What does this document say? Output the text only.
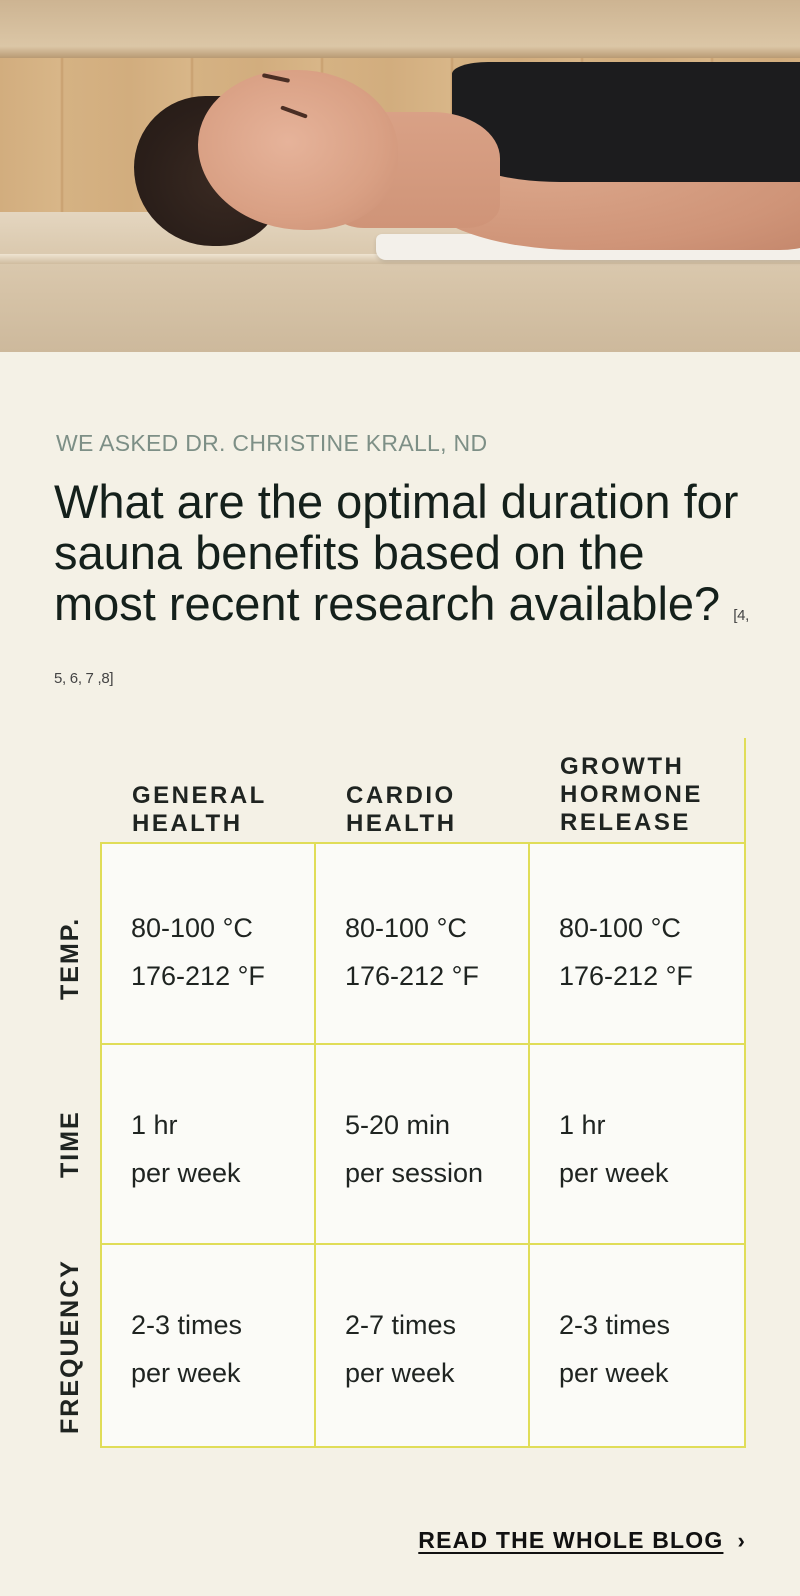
WE ASKED DR. CHRISTINE KRALL, ND
What are the optimal duration for sauna benefits based on the most recent research available? [4, 5, 6, 7 ,8]
GENERAL
HEALTH
CARDIO
HEALTH
GROWTH
HORMONE
RELEASE
TEMP.
TIME
FREQUENCY
80-100 °C
176-212 °F
80-100 °C
176-212 °F
80-100 °C
176-212 °F
1 hr
per week
5-20 min
per session
1 hr
per week
2-3 times
per week
2-7 times
per week
2-3 times
per week
READ THE WHOLE BLOG ›
